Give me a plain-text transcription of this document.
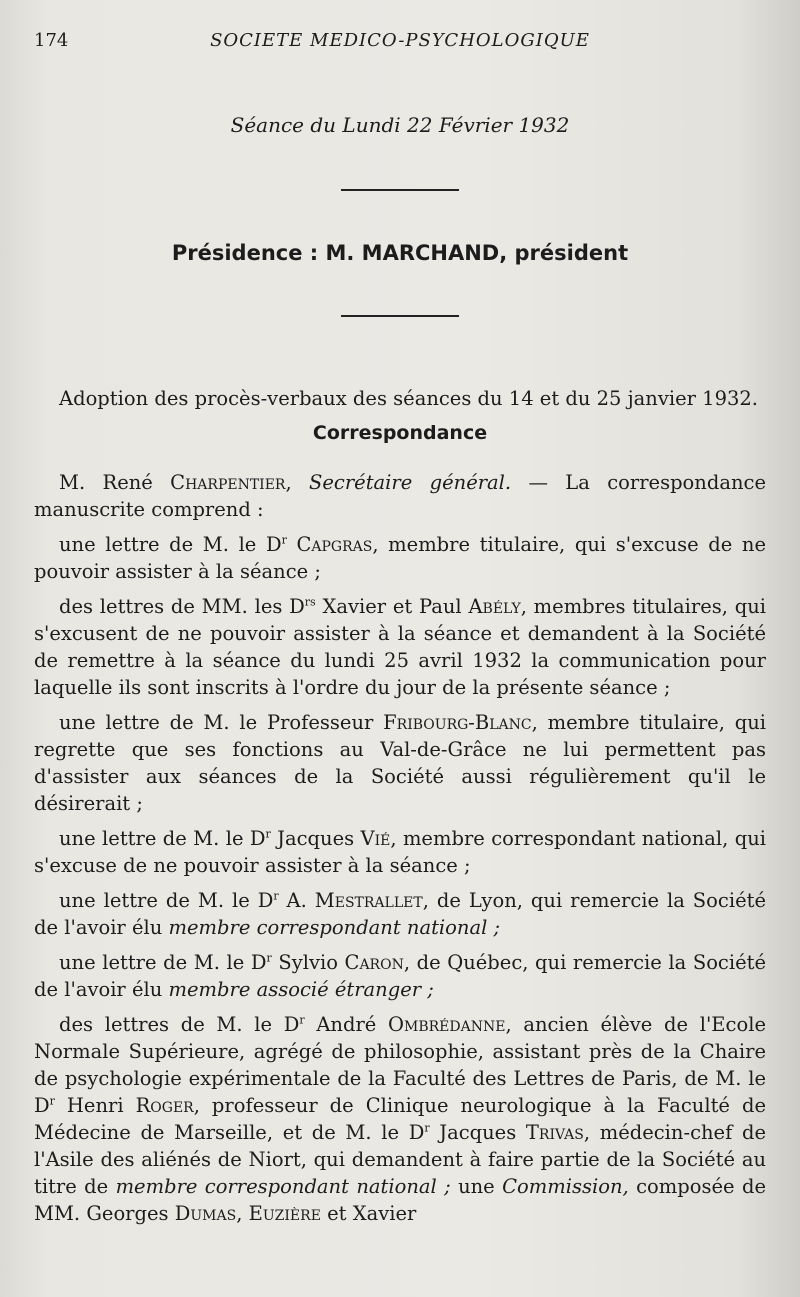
174	SOCIETE MEDICO-PSYCHOLOGIQUE
Séance du Lundi 22 Février 1932
Présidence : M. MARCHAND, président

Adoption des procès-verbaux des séances du 14 et du 25 janvier 1932.

Correspondance

M. René Charpentier, Secrétaire général. — La correspondance manuscrite comprend :

une lettre de M. le $D^r$ Capgras, membre titulaire, qui s'excuse de ne pouvoir assister à la séance ;

des lettres de MM. les $D^{rs}$ Xavier et Paul Abély, membres titulaires, qui s'excusent de ne pouvoir assister à la séance et demandent à la Société de remettre à la séance du lundi 25 avril 1932 la communication pour laquelle ils sont inscrits à l'ordre du jour de la présente séance ;

une lettre de M. le Professeur Fribourg-Blanc, membre titulaire, qui regrette que ses fonctions au Val-de-Grâce ne lui permettent pas d'assister aux séances de la Société aussi régulièrement qu'il le désirerait ;

une lettre de M. le $D^r$ Jacques Vié, membre correspondant national, qui s'excuse de ne pouvoir assister à la séance ;

une lettre de M. le $D^r$ A. Mestrallet, de Lyon, qui remercie la Société de l'avoir élu membre correspondant national ;

une lettre de M. le $D^r$ Sylvio Caron, de Québec, qui remercie la Société de l'avoir élu membre associé étranger ;

des lettres de M. le $D^r$ André Ombrédanne, ancien élève de l'Ecole Normale Supérieure, agrégé de philosophie, assistant près de la Chaire de psychologie expérimentale de la Faculté des Lettres de Paris, de M. le $D^r$ Henri Roger, professeur de Clinique neurologique à la Faculté de Médecine de Marseille, et de M. le $D^r$ Jacques Trivas, médecin-chef de l'Asile des aliénés de Niort, qui demandent à faire partie de la Société au titre de membre correspondant national ; une Commission, composée de MM. Georges Dumas, Euzière et Xavier
